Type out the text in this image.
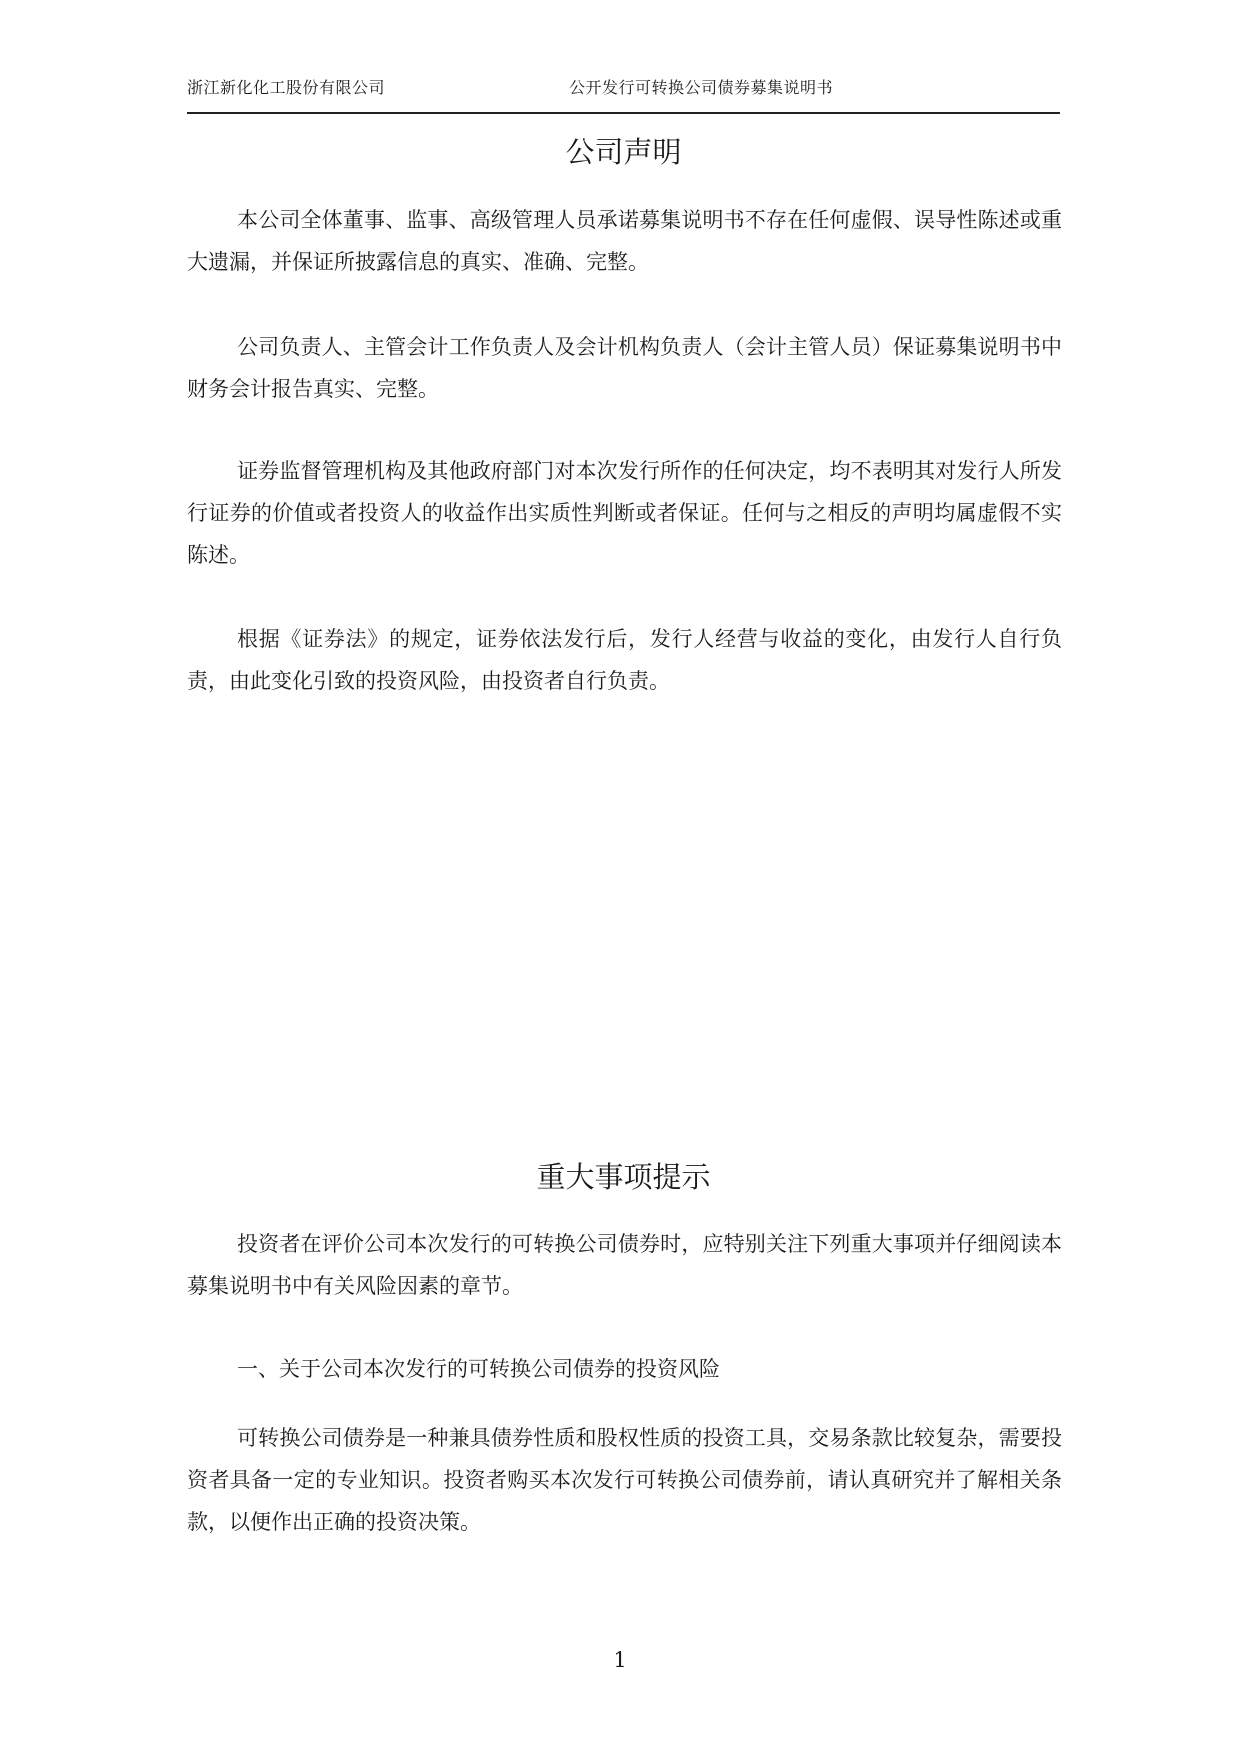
浙江新化化工股份有限公司	公开发行可转换公司债券募集说明书
公司声明

本公司全体董事、监事、高级管理人员承诺募集说明书不存在任何虚假、误导性陈述或重大遗漏，并保证所披露信息的真实、准确、完整。

公司负责人、主管会计工作负责人及会计机构负责人（会计主管人员）保证募集说明书中财务会计报告真实、完整。

证券监督管理机构及其他政府部门对本次发行所作的任何决定，均不表明其对发行人所发行证券的价值或者投资人的收益作出实质性判断或者保证。任何与之相反的声明均属虚假不实陈述。

根据《证券法》的规定，证券依法发行后，发行人经营与收益的变化，由发行人自行负责，由此变化引致的投资风险，由投资者自行负责。

重大事项提示

投资者在评价公司本次发行的可转换公司债券时，应特别关注下列重大事项并仔细阅读本募集说明书中有关风险因素的章节。

一、关于公司本次发行的可转换公司债券的投资风险

可转换公司债券是一种兼具债券性质和股权性质的投资工具，交易条款比较复杂，需要投资者具备一定的专业知识。投资者购买本次发行可转换公司债券前，请认真研究并了解相关条款，以便作出正确的投资决策。

1
